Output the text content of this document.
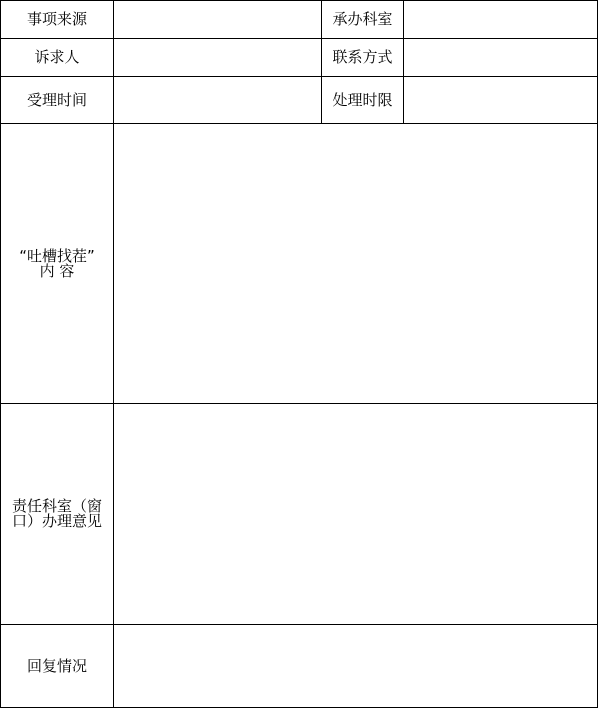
事项来源		承办科室	
诉求人		联系方式	
受理时间		处理时限	

“吐槽找茬”
内 容			

责任科室（窗
口）办理意见			

回复情况			
